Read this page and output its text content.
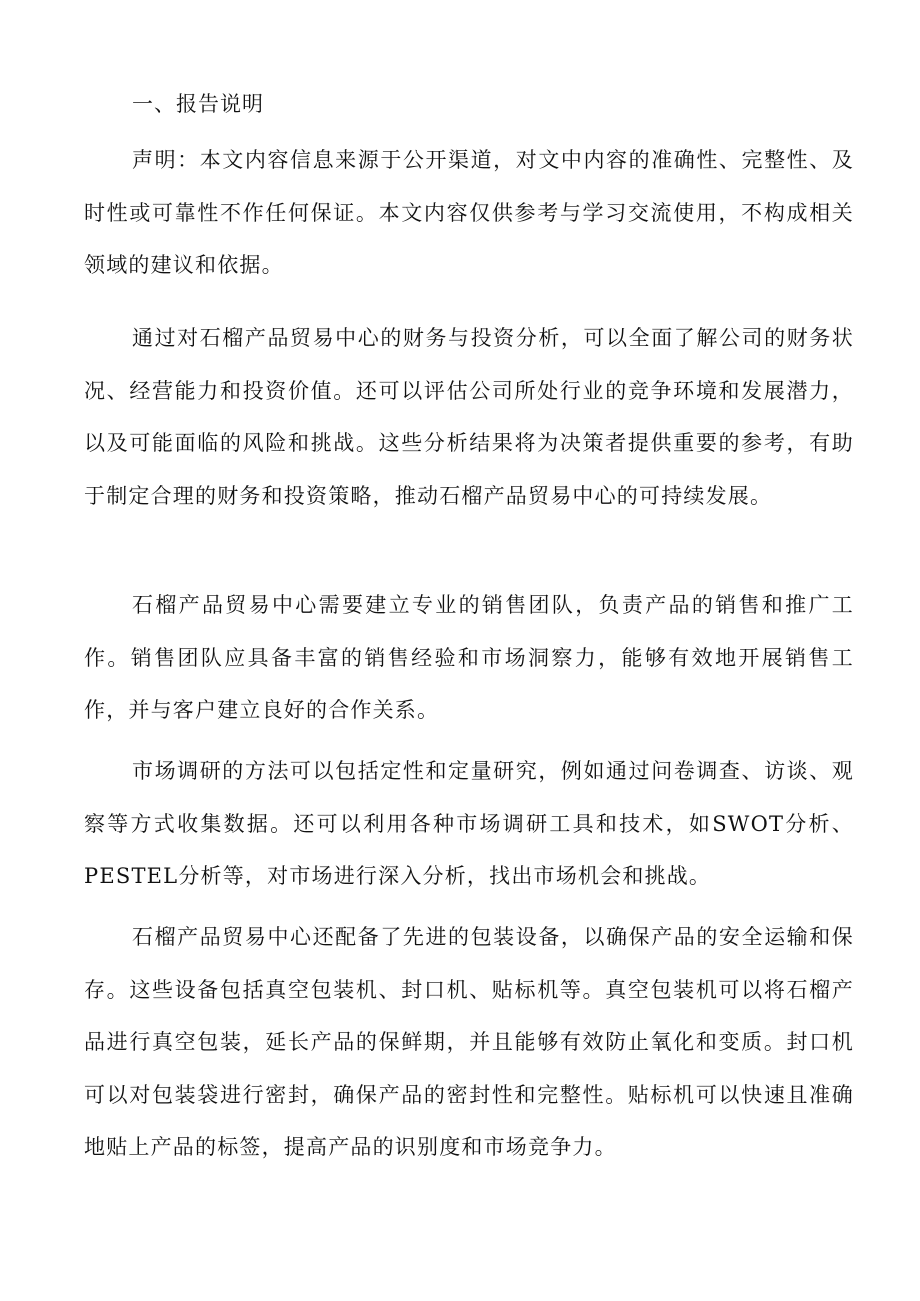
一、报告说明

声明：本文内容信息来源于公开渠道，对文中内容的准确性、完整性、及时性或可靠性不作任何保证。本文内容仅供参考与学习交流使用，不构成相关领域的建议和依据。

通过对石榴产品贸易中心的财务与投资分析，可以全面了解公司的财务状况、经营能力和投资价值。还可以评估公司所处行业的竞争环境和发展潜力，以及可能面临的风险和挑战。这些分析结果将为决策者提供重要的参考，有助于制定合理的财务和投资策略，推动石榴产品贸易中心的可持续发展。

石榴产品贸易中心需要建立专业的销售团队，负责产品的销售和推广工作。销售团队应具备丰富的销售经验和市场洞察力，能够有效地开展销售工作，并与客户建立良好的合作关系。

市场调研的方法可以包括定性和定量研究，例如通过问卷调查、访谈、观察等方式收集数据。还可以利用各种市场调研工具和技术，如SWOT分析、PESTEL分析等，对市场进行深入分析，找出市场机会和挑战。

石榴产品贸易中心还配备了先进的包装设备，以确保产品的安全运输和保存。这些设备包括真空包装机、封口机、贴标机等。真空包装机可以将石榴产品进行真空包装，延长产品的保鲜期，并且能够有效防止氧化和变质。封口机可以对包装袋进行密封，确保产品的密封性和完整性。贴标机可以快速且准确地贴上产品的标签，提高产品的识别度和市场竞争力。
